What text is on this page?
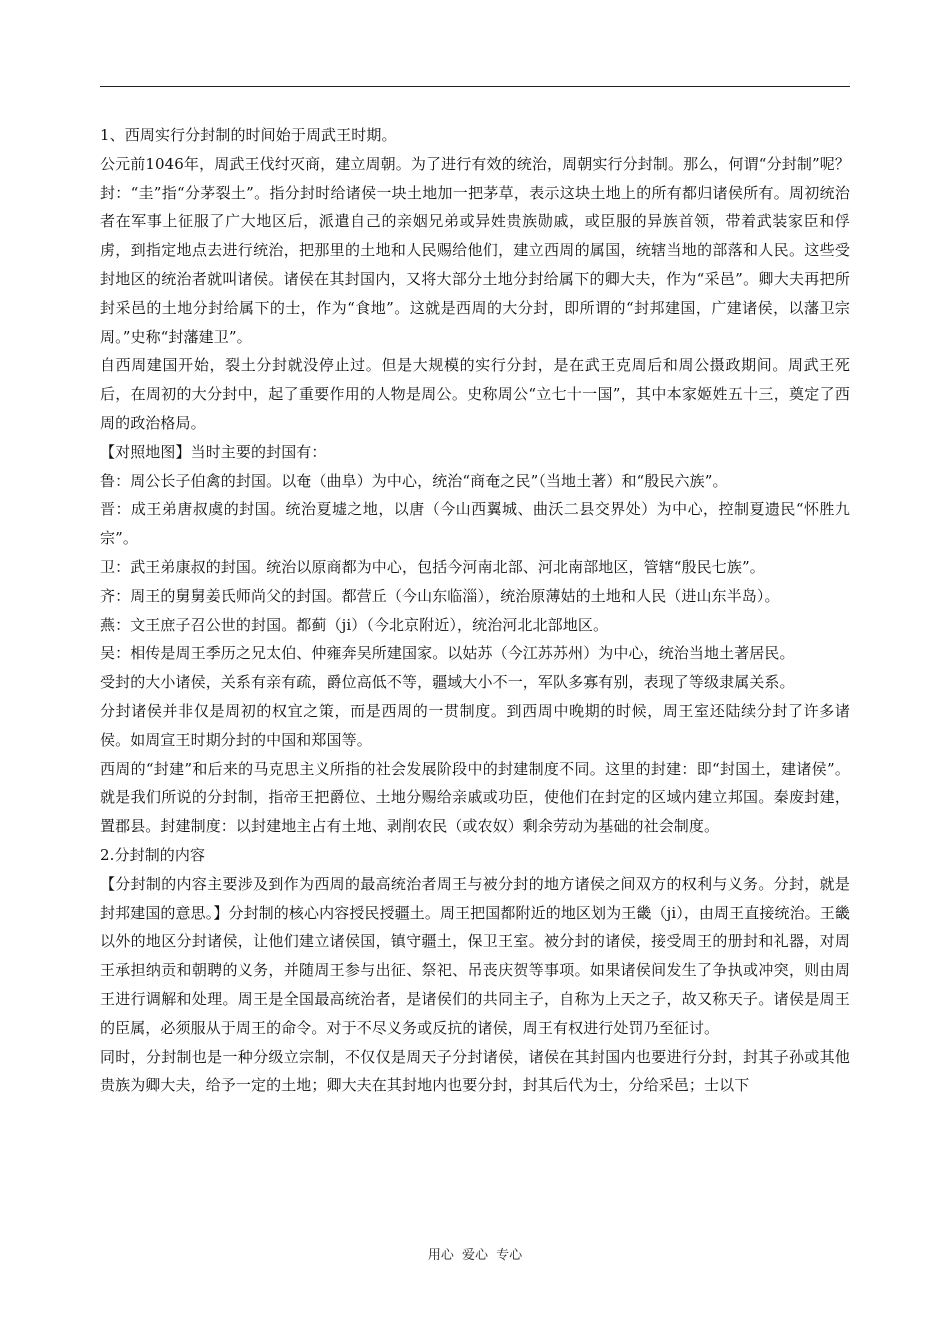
1、西周实行分封制的时间始于周武王时期。

公元前1046年，周武王伐纣灭商，建立周朝。为了进行有效的统治，周朝实行分封制。那么，何谓“分封制”呢？封：“圭”指“分茅裂土”。指分封时给诸侯一块土地加一把茅草，表示这块土地上的所有都归诸侯所有。周初统治者在军事上征服了广大地区后，派遣自己的亲姻兄弟或异姓贵族勋戚，或臣服的异族首领，带着武装家臣和俘虏，到指定地点去进行统治，把那里的土地和人民赐给他们，建立西周的属国，统辖当地的部落和人民。这些受封地区的统治者就叫诸侯。诸侯在其封国内，又将大部分土地分封给属下的卿大夫，作为“采邑”。卿大夫再把所封采邑的土地分封给属下的士，作为“食地”。这就是西周的大分封，即所谓的“封邦建国，广建诸侯，以藩卫宗周。”史称“封藩建卫”。

自西周建国开始，裂土分封就没停止过。但是大规模的实行分封，是在武王克周后和周公摄政期间。周武王死后，在周初的大分封中，起了重要作用的人物是周公。史称周公“立七十一国”，其中本家姬姓五十三，奠定了西周的政治格局。

【对照地图】当时主要的封国有：

鲁：周公长子伯禽的封国。以奄（曲阜）为中心，统治“商奄之民”（当地土著）和“殷民六族”。

晋：成王弟唐叔虞的封国。统治夏墟之地，以唐（今山西翼城、曲沃二县交界处）为中心，控制夏遗民“怀胜九宗”。

卫：武王弟康叔的封国。统治以原商都为中心，包括今河南北部、河北南部地区，管辖“殷民七族”。

齐：周王的舅舅姜氏师尚父的封国。都营丘（今山东临淄），统治原薄姑的土地和人民（进山东半岛）。

燕：文王庶子召公世的封国。都蓟（ji）（今北京附近），统治河北北部地区。

吴：相传是周王季历之兄太伯、仲雍奔吴所建国家。以姑苏（今江苏苏州）为中心，统治当地土著居民。

受封的大小诸侯，关系有亲有疏，爵位高低不等，疆域大小不一，军队多寡有别，表现了等级隶属关系。

分封诸侯并非仅是周初的权宜之策，而是西周的一贯制度。到西周中晚期的时候，周王室还陆续分封了许多诸侯。如周宣王时期分封的中国和郑国等。

西周的“封建”和后来的马克思主义所指的社会发展阶段中的封建制度不同。这里的封建：即“封国土，建诸侯”。就是我们所说的分封制，指帝王把爵位、土地分赐给亲戚或功臣，使他们在封定的区域内建立邦国。秦废封建，置郡县。封建制度：以封建地主占有土地、剥削农民（或农奴）剩余劳动为基础的社会制度。

2.分封制的内容

【分封制的内容主要涉及到作为西周的最高统治者周王与被分封的地方诸侯之间双方的权利与义务。分封，就是封邦建国的意思。】分封制的核心内容授民授疆土。周王把国都附近的地区划为王畿（ji），由周王直接统治。王畿以外的地区分封诸侯，让他们建立诸侯国，镇守疆土，保卫王室。被分封的诸侯，接受周王的册封和礼器，对周王承担纳贡和朝聘的义务，并随周王参与出征、祭祀、吊丧庆贺等事项。如果诸侯间发生了争执或冲突，则由周王进行调解和处理。周王是全国最高统治者，是诸侯们的共同主子，自称为上天之子，故又称天子。诸侯是周王的臣属，必须服从于周王的命令。对于不尽义务或反抗的诸侯，周王有权进行处罚乃至征讨。

同时，分封制也是一种分级立宗制，不仅仅是周天子分封诸侯，诸侯在其封国内也要进行分封，封其子孙或其他贵族为卿大夫，给予一定的土地；卿大夫在其封地内也要分封，封其后代为士，分给采邑；士以下

用心 爱心 专心
